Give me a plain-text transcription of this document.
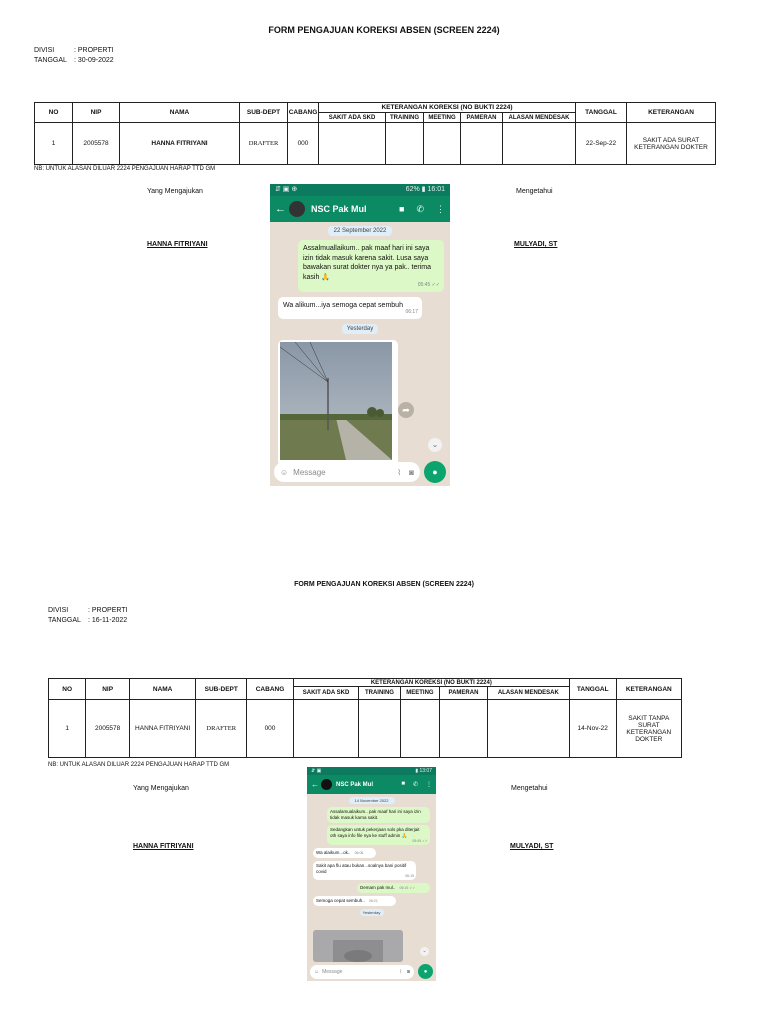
FORM PENGAJUAN KOREKSI ABSEN (SCREEN 2224)
DIVISI	: PROPERTI
TANGGAL : 30-09-2022
NO	NIP	NAMA	SUB-DEPT	CABANG	KETERANGAN KOREKSI (NO BUKTI 2224)					TANGGAL	KETERANGAN
					SAKIT ADA SKD	TRAINING	MEETING	PAMERAN	ALASAN MENDESAK		
1	2005578	HANNA FITRIYANI	DRAFTER	000						22-Sep-22	SAKIT ADA SURAT KETERANGAN DOKTER
NB: UNTUK ALASAN DILUAR 2224 PENGAJUAN HARAP TTD GM
Yang Mengajukan	Mengetahui
HANNA FITRIYANI	MULYADI, ST
⇵ ▣ ⊕	62% ▮ 16:01
←	NSC Pak Mul	■ ✆ ⋮
22 September 2022
Assalmuallaikum.. pak maaf hari ini saya izin tidak masuk karena sakit. Lusa saya bawakan surat dokter nya ya pak.. terima kasih 🙏
05:45 ✓✓
Wa alikum...iya semoga cepat sembuh
06:17
Yesterday
➦
⌄
☺ Message	⌇ ◙	●
FORM PENGAJUAN KOREKSI ABSEN (SCREEN 2224)
DIVISI	: PROPERTI
TANGGAL : 16-11-2022
NO	NIP	NAMA	SUB-DEPT	CABANG	KETERANGAN KOREKSI (NO BUKTI 2224)					TANGGAL	KETERANGAN
					SAKIT ADA SKD	TRAINING	MEETING	PAMERAN	ALASAN MENDESAK		
1	2005578	HANNA FITRIYANI	DRAFTER	000						14-Nov-22	SAKIT TANPA SURAT KETERANGAN DOKTER
NB: UNTUK ALASAN DILUAR 2224 PENGAJUAN HARAP TTD GM
Yang Mengajukan	Mengetahui
HANNA FITRIYANI	MULYADI, ST
⇵ ▣	▮ 13:07
←	NSC Pak Mul	■ ✆ ⋮
14 November 2022
Assalamualaikum.. pak maaf hari ini saya izin tidak masuk karna sakit.
Sedangkan untuk pekerjaan sols pka diterjait oth saya info file nya ke stuff admin 🙏
05:45 ✓✓
Wa alaikum...ok.. 06:06
Sakit apa flu atau bukan...soalnya bani positif covid
06:15
Demam pak mul.. 06:19 ✓✓
Semoga cepat sembuh.. 06:21
Yesterday
⌄
☺ Message	⌇ ◙	●
